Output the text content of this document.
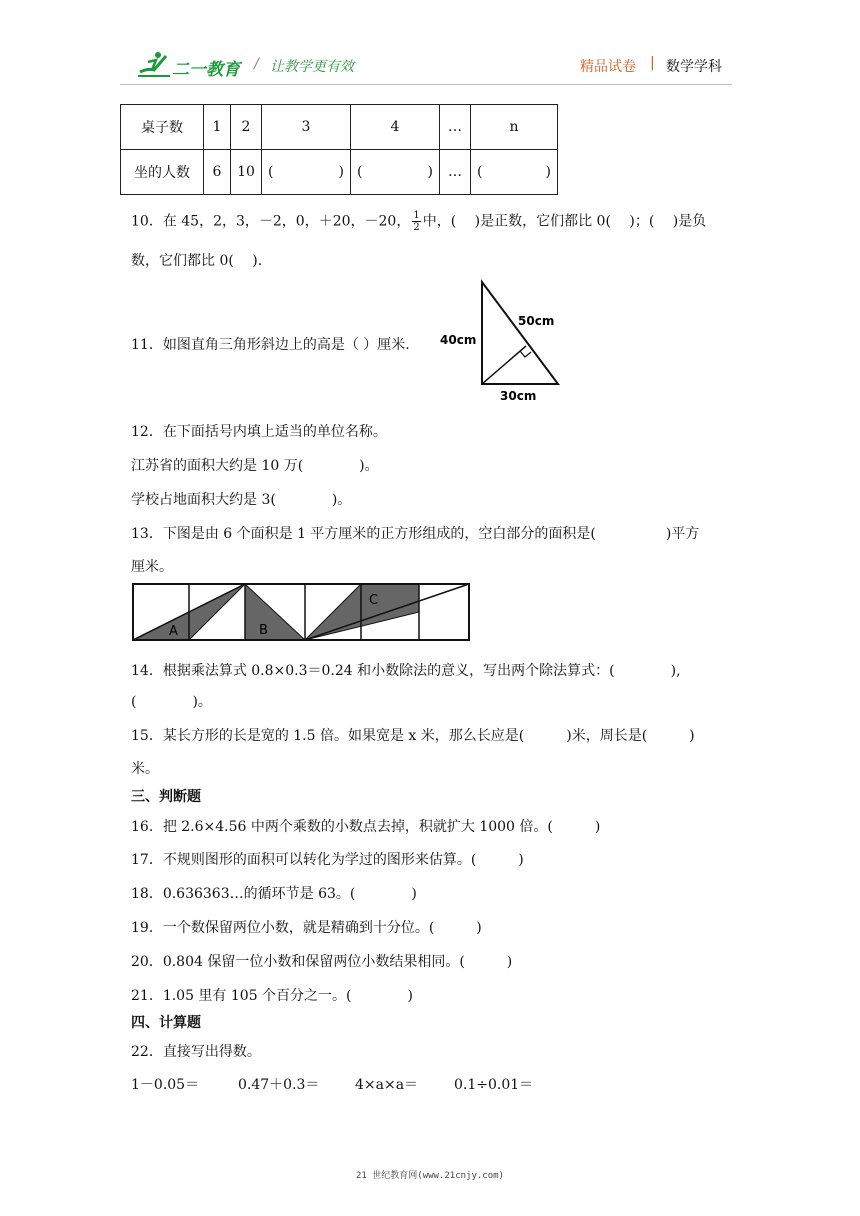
二一教育 / 让教学更有效	精品试卷 | 数学学科
桌子数	1	2	3	4	…	n
坐的人数	6	10	( )	( )	…	( )
10．在 45，2，3，－2，0，＋20，－20， $\frac{1}{2}$ 中，(　 )是正数，它们都比 0(　 )；(　 )是负
数，它们都比 0(　 ).
11．如图直角三角形斜边上的高是（ ）厘米.
50cm
40cm
30cm
12．在下面括号内填上适当的单位名称。
江苏省的面积大约是 10 万(　　　　)。
学校占地面积大约是 3(　　　　)。
13．下图是由 6 个面积是 1 平方厘米的正方形组成的，空白部分的面积是(　　　　　)平方
厘米。
A	B
C
14．根据乘法算式 0.8×0.3＝0.24 和小数除法的意义，写出两个除法算式：(　　　　),
(　　　　)。
15．某长方形的长是宽的 1.5 倍。如果宽是 x 米，那么长应是(　　　)米，周长是(　　　)
米。
三、判断题
16．把 2.6×4.56 中两个乘数的小数点去掉，积就扩大 1000 倍。(　　　)
17．不规则图形的面积可以转化为学过的图形来估算。(　　　)
18．0.636363…的循环节是 63。(　　　　)
19．一个数保留两位小数，就是精确到十分位。(　　　)
20．0.804 保留一位小数和保留两位小数结果相同。(　　　)
21．1.05 里有 105 个百分之一。(　　　　)
四、计算题
22．直接写出得数。
1－0.05＝	0.47＋0.3＝	4×a×a＝	0.1÷0.01＝
21 世纪教育网(www.21cnjy.com)
